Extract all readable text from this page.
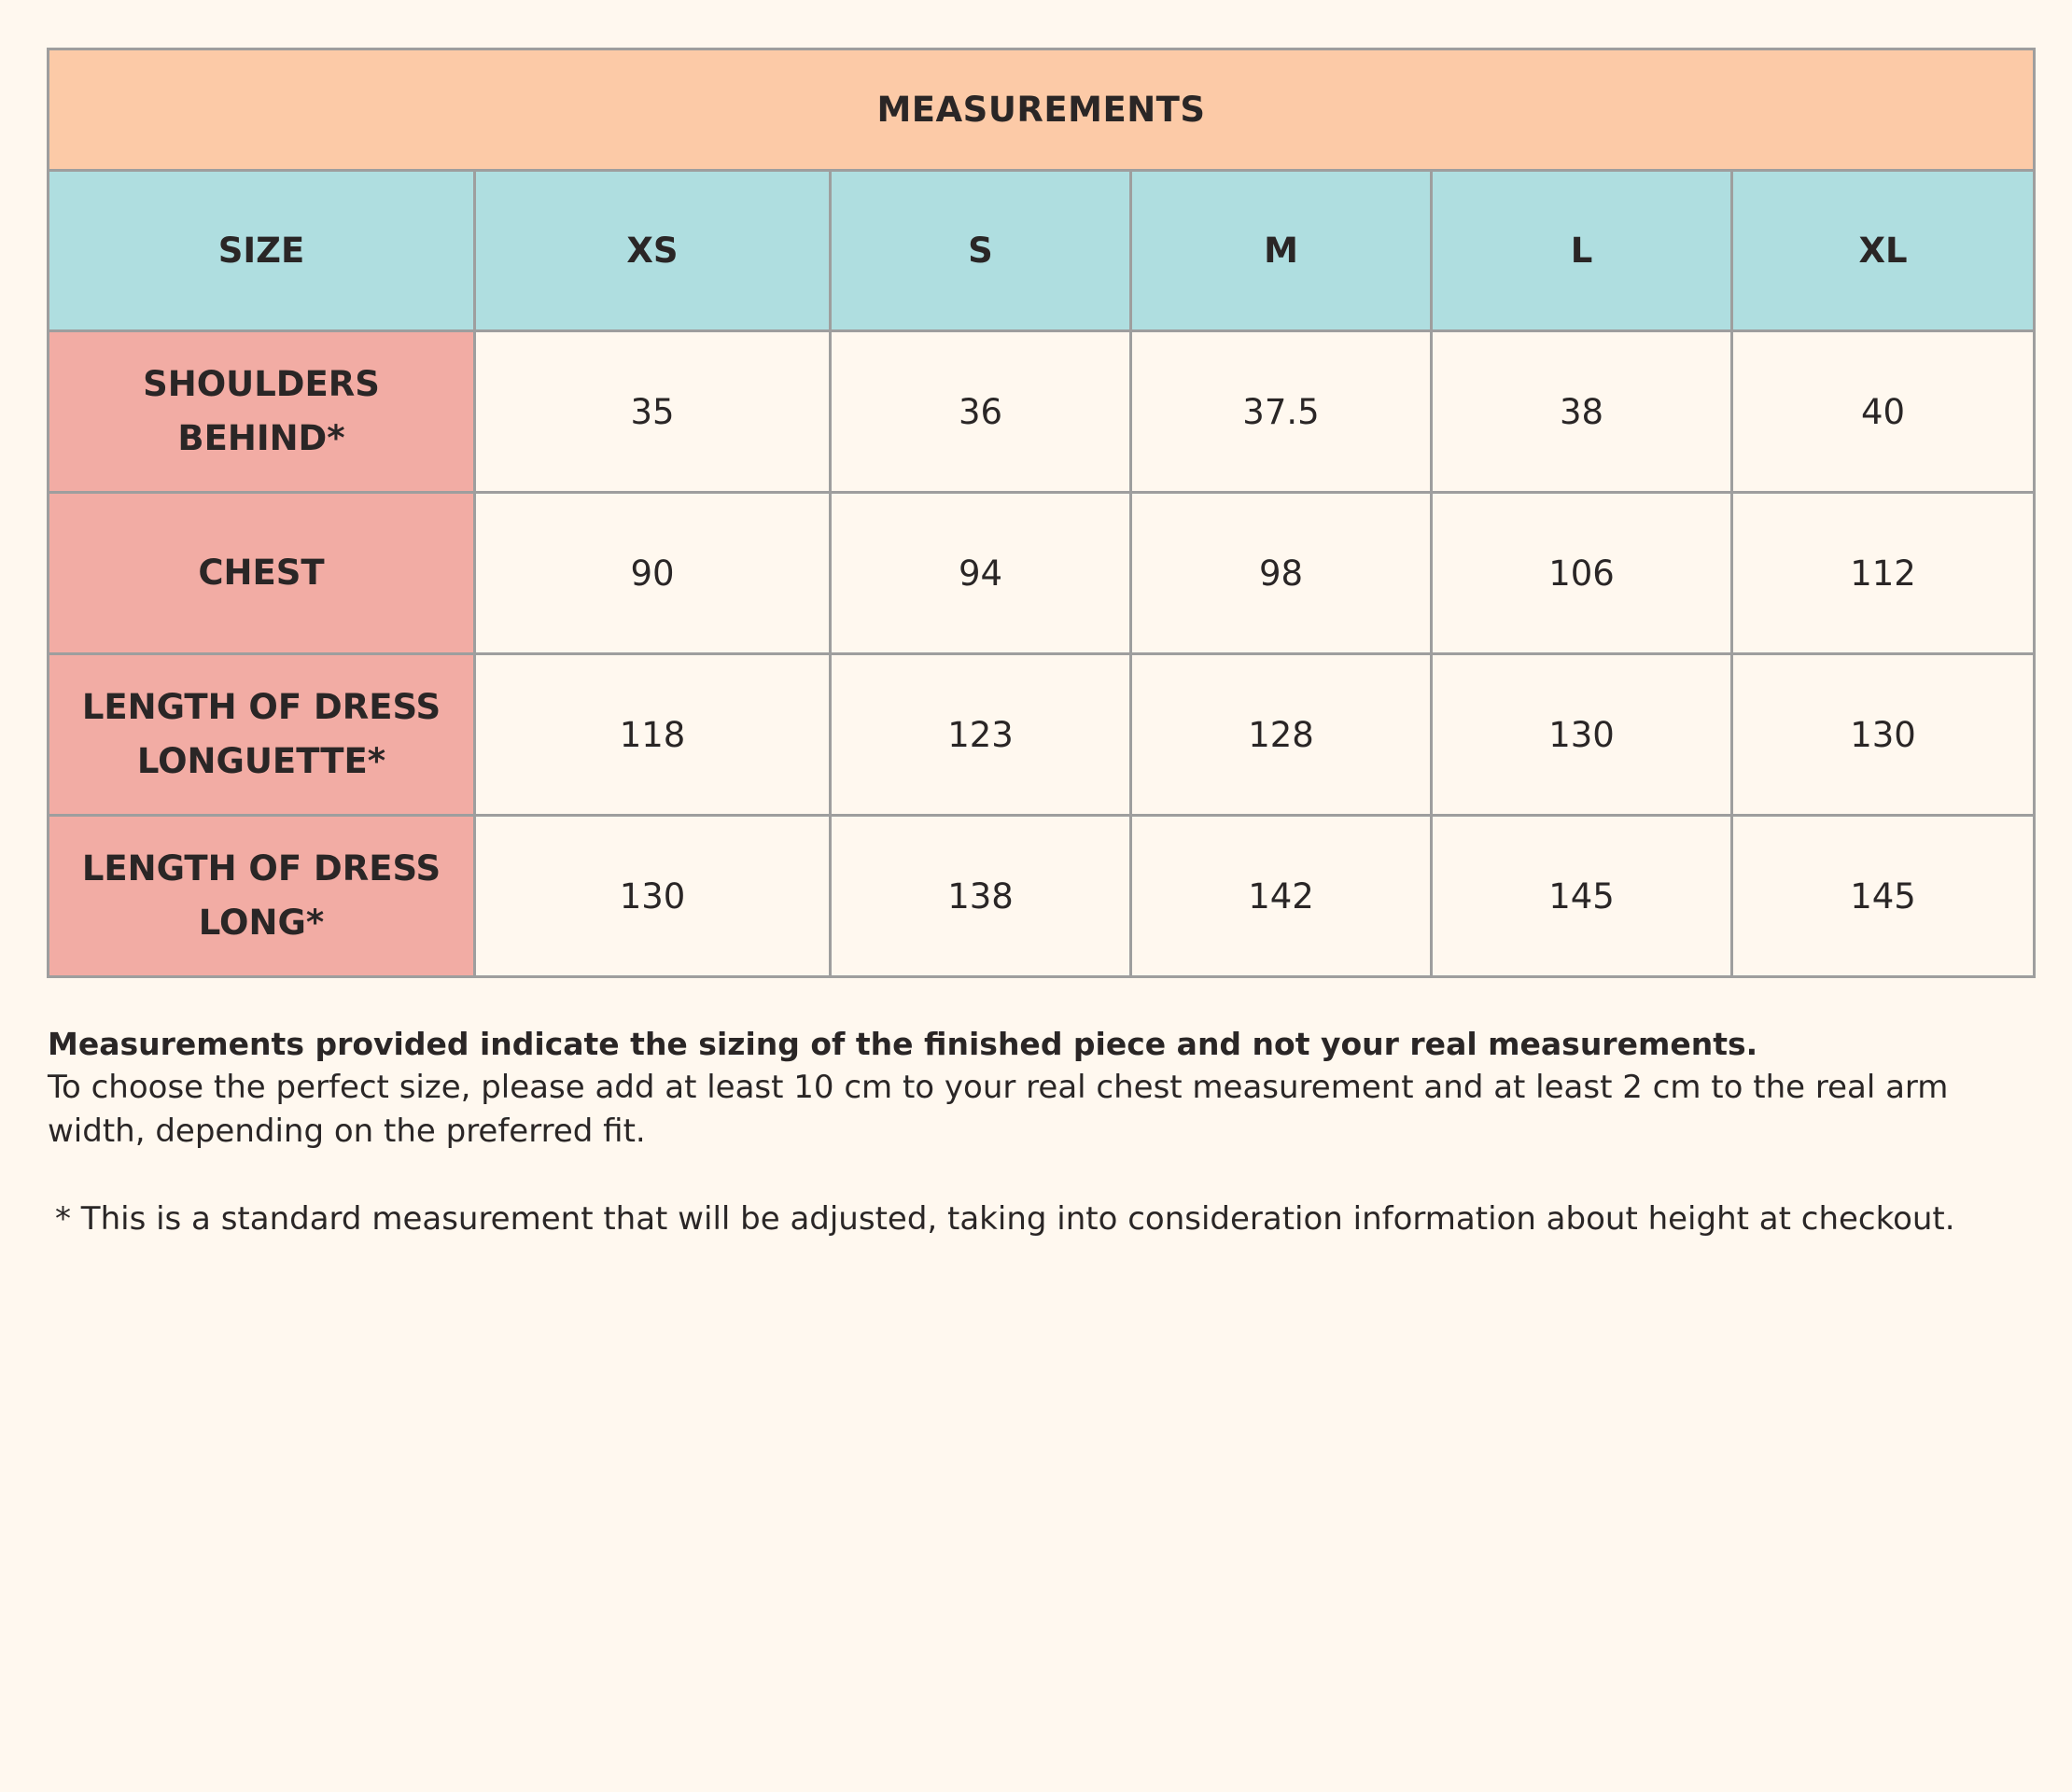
MEASUREMENTS					
SIZE	XS	S	M	L	XL
SHOULDERS BEHIND*	35	36	37.5	38	40
CHEST	90	94	98	106	112
LENGTH OF DRESS LONGUETTE*	118	123	128	130	130
LENGTH OF DRESS LONG*	130	138	142	145	145

Measurements provided indicate the sizing of the finished piece and not your real measurements.

To choose the perfect size, please add at least 10 cm to your real chest measurement and at least 2 cm to the real arm width, depending on the preferred fit.

* This is a standard measurement that will be adjusted, taking into consideration information about height at checkout.
